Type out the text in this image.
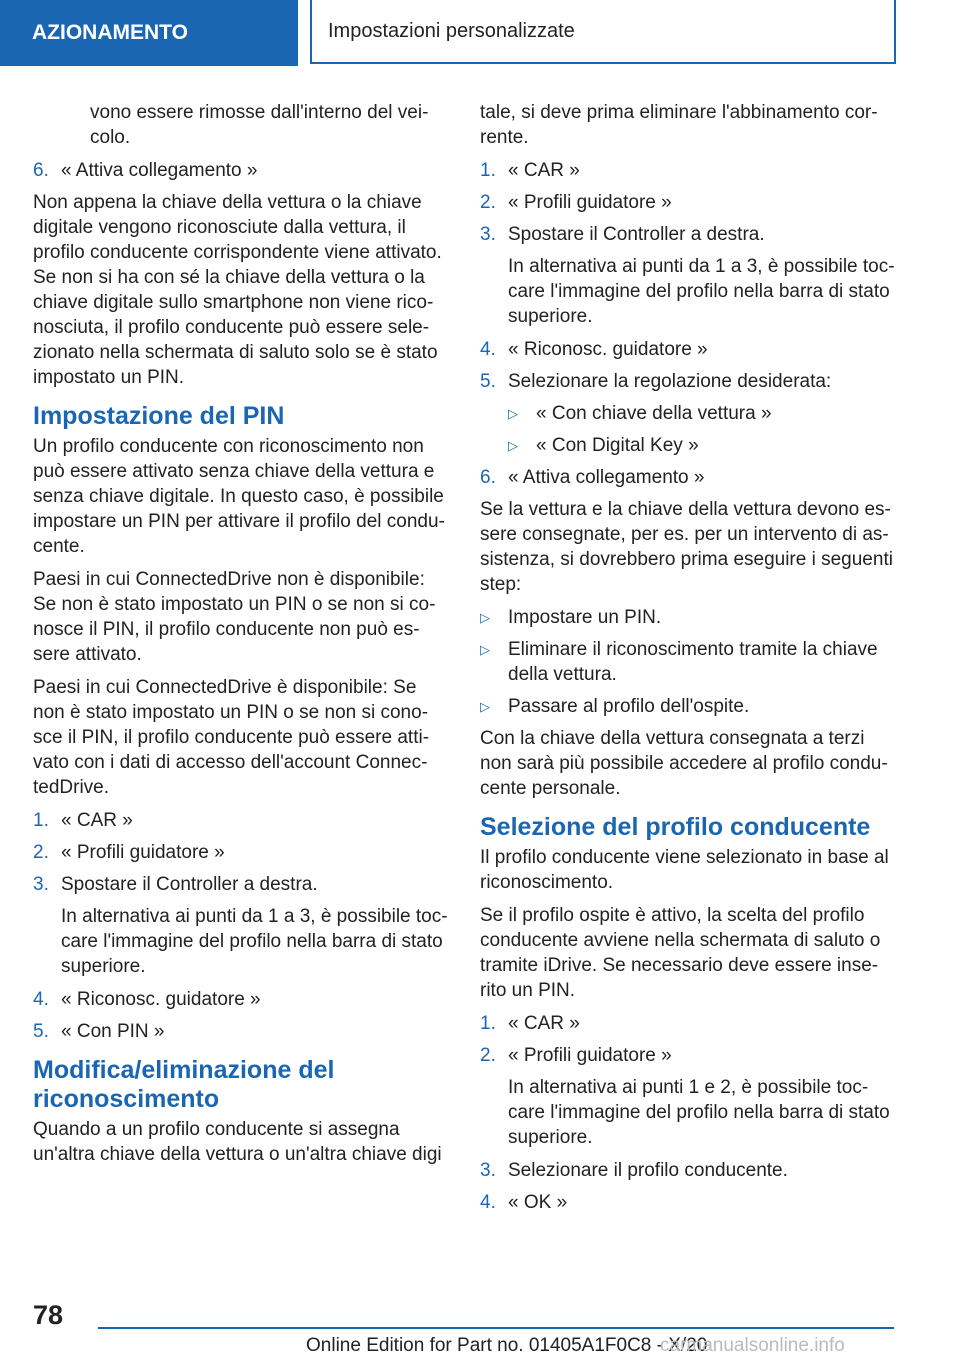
AZIONAMENTO	Impostazioni personalizzate

vono essere rimosse dall'interno del veicolo.

6. « Attiva collegamento »

Non appena la chiave della vettura o la chiave digitale vengono riconosciute dalla vettura, il profilo conducente corrispondente viene attivato. Se non si ha con sé la chiave della vettura o la chiave digitale sullo smartphone non viene riconosciuta, il profilo conducente può essere selezionato nella schermata di saluto solo se è stato impostato un PIN.

Impostazione del PIN

Un profilo conducente con riconoscimento non può essere attivato senza chiave della vettura e senza chiave digitale. In questo caso, è possibile impostare un PIN per attivare il profilo del conducente.

Paesi in cui ConnectedDrive non è disponibile: Se non è stato impostato un PIN o se non si conosce il PIN, il profilo conducente non può essere attivato.

Paesi in cui ConnectedDrive è disponibile: Se non è stato impostato un PIN o se non si conosce il PIN, il profilo conducente può essere attivato con i dati di accesso dell'account ConnectedDrive.

1. « CAR »
2. « Profili guidatore »
3. Spostare il Controller a destra.

In alternativa ai punti da 1 a 3, è possibile toccare l'immagine del profilo nella barra di stato superiore.

4. « Riconosc. guidatore »
5. « Con PIN »
Modifica/eliminazione del riconoscimento

Quando a un profilo conducente si assegna un'altra chiave della vettura o un'altra chiave digi

tale, si deve prima eliminare l'abbinamento corrente.

1. « CAR »
2. « Profili guidatore »
3. Spostare il Controller a destra.

In alternativa ai punti da 1 a 3, è possibile toccare l'immagine del profilo nella barra di stato superiore.

4. « Riconosc. guidatore »
5. Selezionare la regolazione desiderata:
▷ « Con chiave della vettura »
▷ « Con Digital Key »
6. « Attiva collegamento »

Se la vettura e la chiave della vettura devono essere consegnate, per es. per un intervento di assistenza, si dovrebbero prima eseguire i seguenti step:

▷ Impostare un PIN.
▷ Eliminare il riconoscimento tramite la chiave della vettura.
▷ Passare al profilo dell'ospite.

Con la chiave della vettura consegnata a terzi non sarà più possibile accedere al profilo conducente personale.

Selezione del profilo conducente

Il profilo conducente viene selezionato in base al riconoscimento.

Se il profilo ospite è attivo, la scelta del profilo conducente avviene nella schermata di saluto o tramite iDrive. Se necessario deve essere inserito un PIN.

1. « CAR »
2. « Profili guidatore »

In alternativa ai punti 1 e 2, è possibile toccare l'immagine del profilo nella barra di stato superiore.

3. Selezionare il profilo conducente.
4. « OK »
78
Online Edition for Part no. 01405A1F0C8 - X/20
carmanualsonline.info
